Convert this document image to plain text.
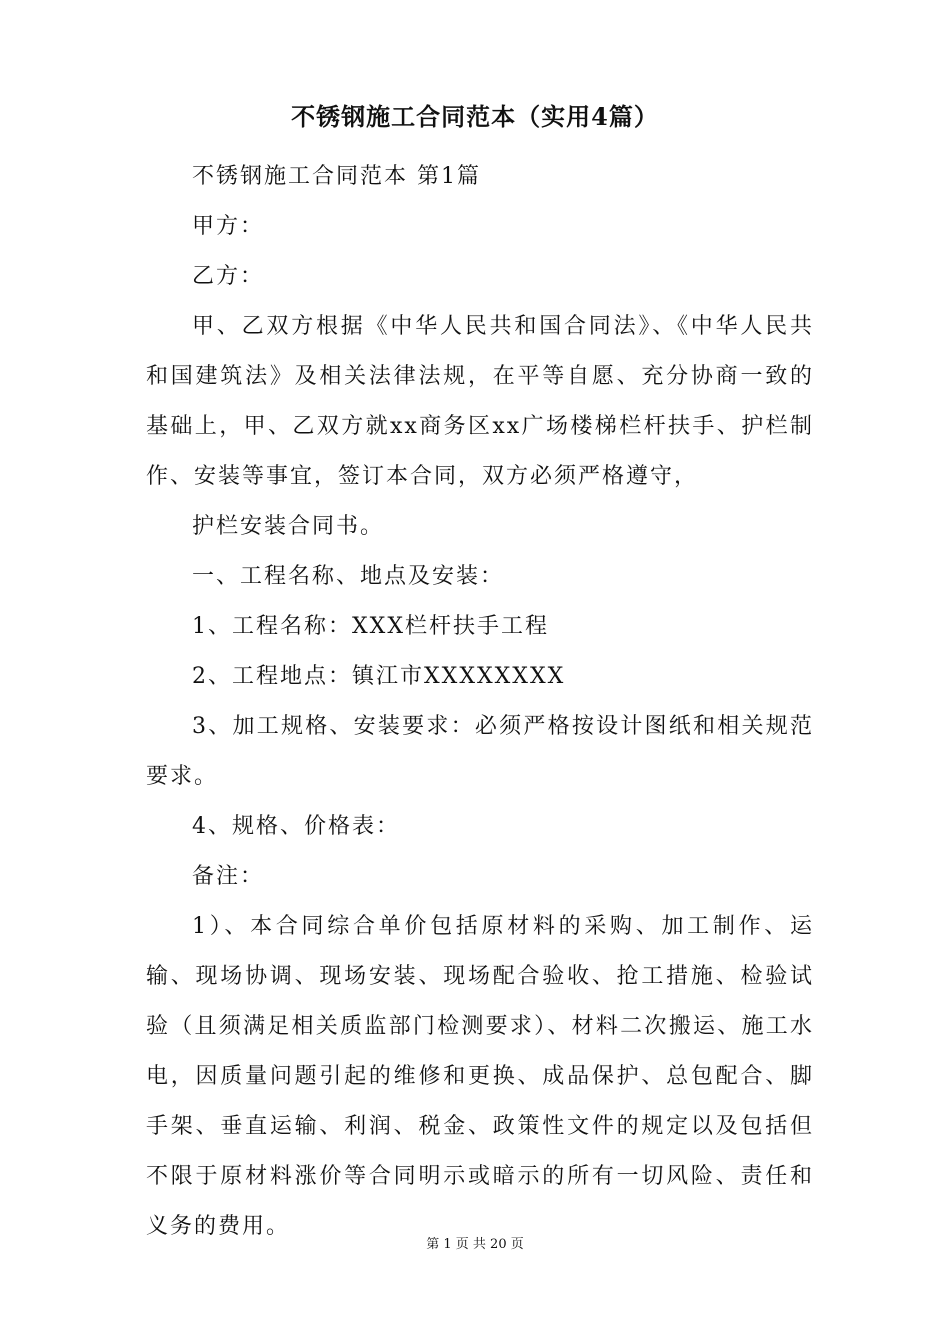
不锈钢施工合同范本（实用4篇）

不锈钢施工合同范本 第1篇

甲方：

乙方：

甲、乙双方根据《中华人民共和国合同法》、《中华人民共和国建筑法》及相关法律法规，在平等自愿、充分协商一致的基础上，甲、乙双方就xx商务区xx广场楼梯栏杆扶手、护栏制作、安装等事宜，签订本合同，双方必须严格遵守，

护栏安装合同书。

一、工程名称、地点及安装：

1、工程名称：XXX栏杆扶手工程

2、工程地点：镇江市XXXXXXXX

3、加工规格、安装要求：必须严格按设计图纸和相关规范要求。

4、规格、价格表：

备注：

1）、本合同综合单价包括原材料的采购、加工制作、运输、现场协调、现场安装、现场配合验收、抢工措施、检验试验（且须满足相关质监部门检测要求）、材料二次搬运、施工水电，因质量问题引起的维修和更换、成品保护、总包配合、脚手架、垂直运输、利润、税金、政策性文件的规定以及包括但不限于原材料涨价等合同明示或暗示的所有一切风险、责任和义务的费用。

第 1 页 共 20 页
